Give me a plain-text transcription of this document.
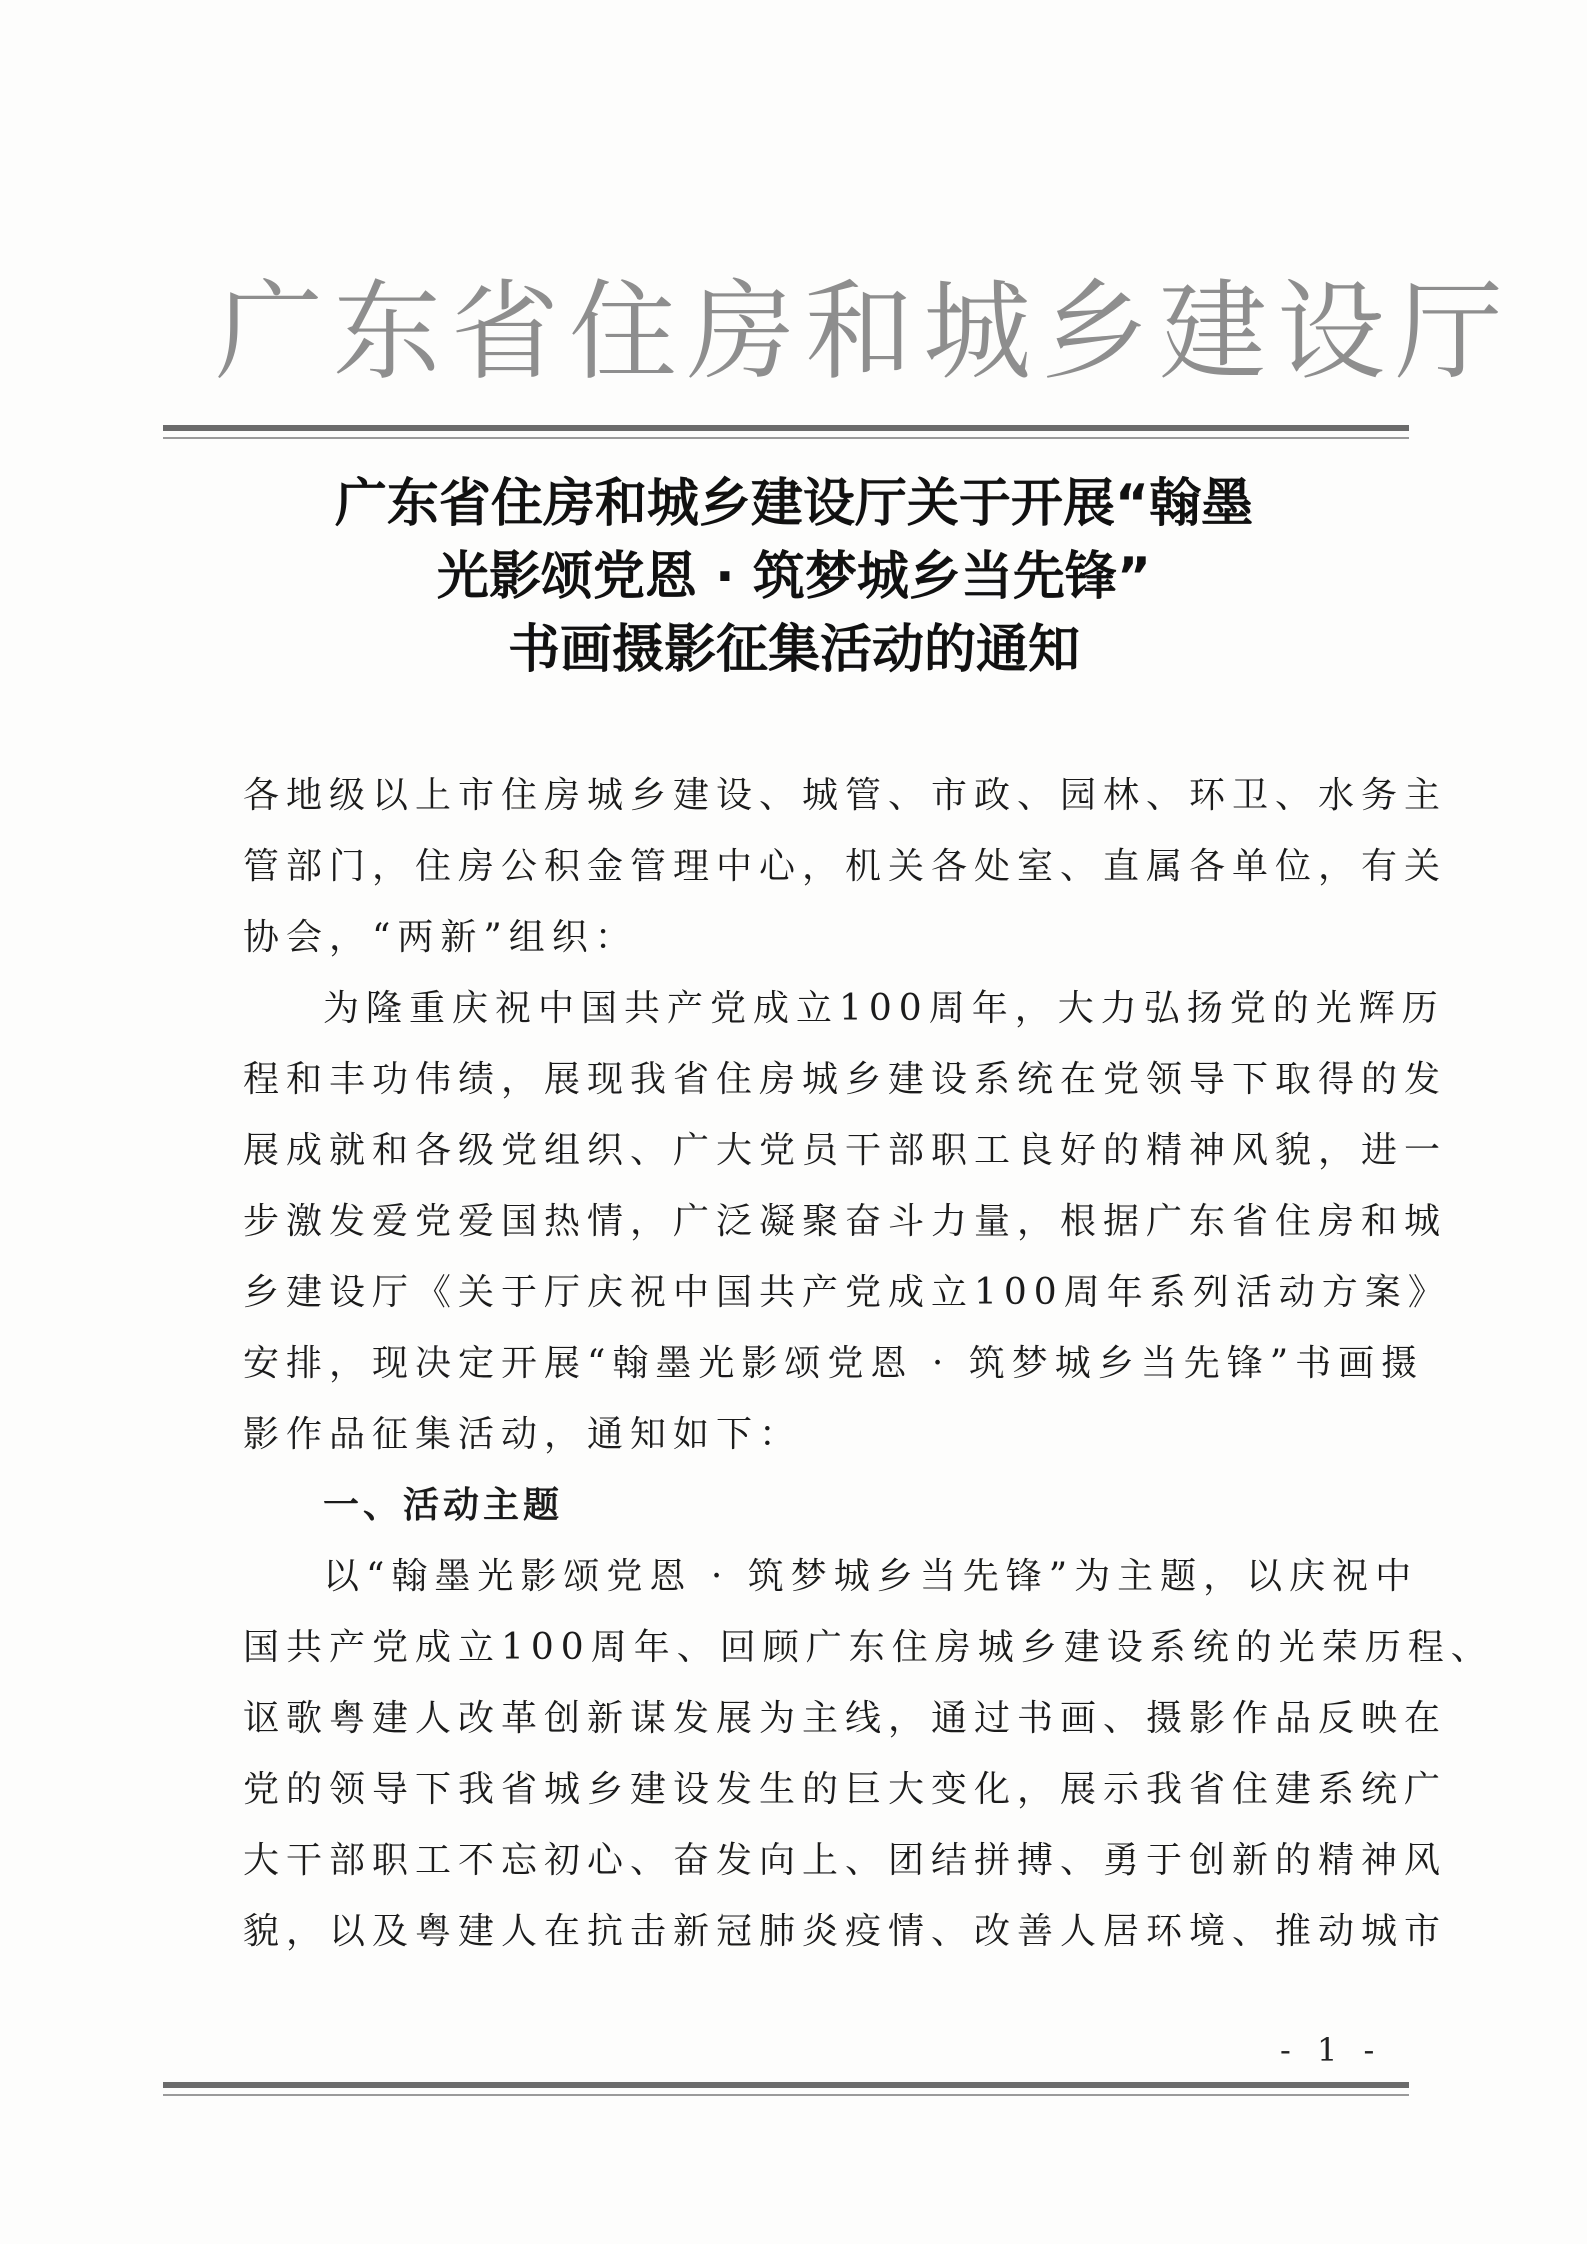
广东省住房和城乡建设厅
广东省住房和城乡建设厅关于开展“翰墨
光影颂党恩 · 筑梦城乡当先锋”
书画摄影征集活动的通知
各地级以上市住房城乡建设、城管、市政、园林、环卫、水务主
管部门，住房公积金管理中心，机关各处室、直属各单位，有关
协会，“两新”组织：
为隆重庆祝中国共产党成立100周年，大力弘扬党的光辉历
程和丰功伟绩，展现我省住房城乡建设系统在党领导下取得的发
展成就和各级党组织、广大党员干部职工良好的精神风貌，进一
步激发爱党爱国热情，广泛凝聚奋斗力量，根据广东省住房和城
乡建设厅《关于厅庆祝中国共产党成立100周年系列活动方案》
安排，现决定开展“翰墨光影颂党恩 · 筑梦城乡当先锋”书画摄
影作品征集活动，通知如下：
一、活动主题
以“翰墨光影颂党恩 · 筑梦城乡当先锋”为主题，以庆祝中
国共产党成立100周年、回顾广东住房城乡建设系统的光荣历程、
讴歌粤建人改革创新谋发展为主线，通过书画、摄影作品反映在
党的领导下我省城乡建设发生的巨大变化，展示我省住建系统广
大干部职工不忘初心、奋发向上、团结拼搏、勇于创新的精神风
貌，以及粤建人在抗击新冠肺炎疫情、改善人居环境、推动城市
- 1 -
